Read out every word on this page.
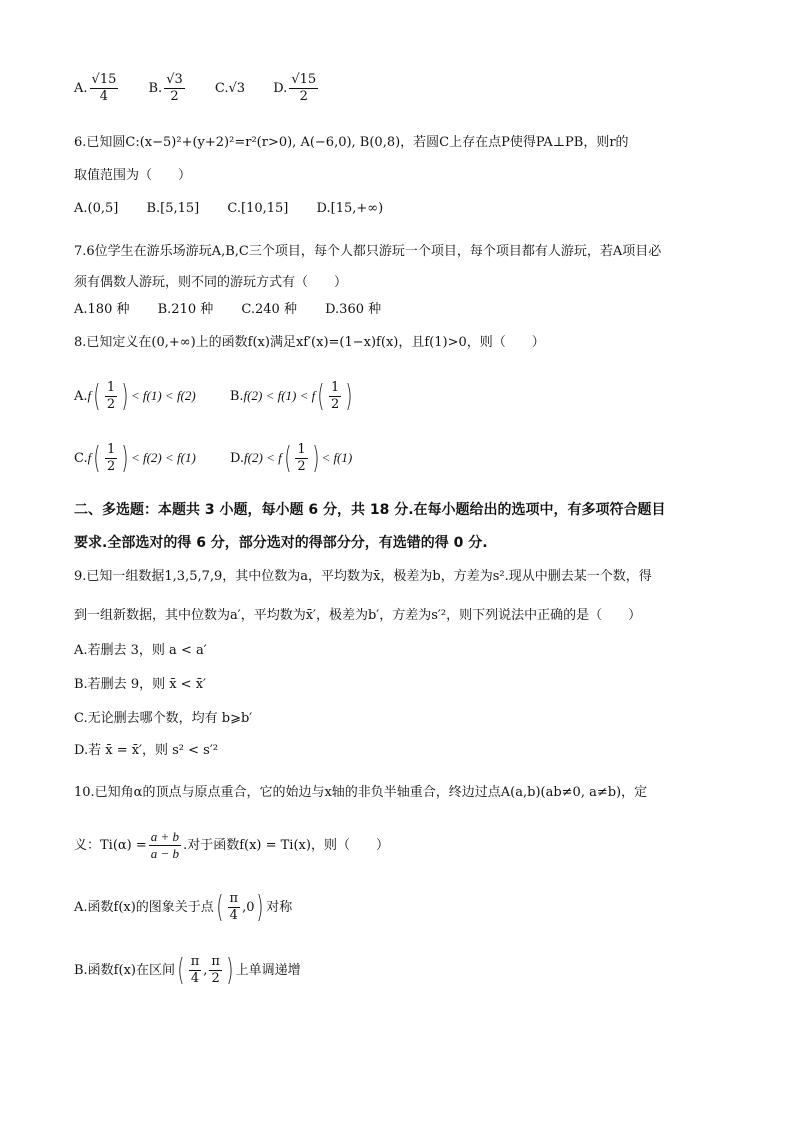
A. $\frac{√15}{4} B$. $\frac{√3}{2} C.√3$ D. $\frac{√15}{2}$
6.已知圆C:(x−5)²+(y+2)²=r²(r>0), A(−6,0), B(0,8)，若圆C上存在点P使得PA⊥PB，则r的
取值范围为（　　）
A.(0,5] B.[5,15] C.[10,15] D.[15,+∞)
7.6位学生在游乐场游玩A,B,C三个项目，每个人都只游玩一个项目，每个项目都有人游玩，若A项目必
须有偶数人游玩，则不同的游玩方式有（　　）
A.180 种 B.210 种 C.240 种 D.360 种
8.已知定义在(0,+∞)上的函数f(x)满足xf′(x)=(1−x)f(x)，且f(1)>0，则（　　）
$A.f( \frac{1}{2}$ ) < f(1) < f(2)	$B.f(2) < f(1) < f( \frac{1}{2}$ )
$C.f( \frac{1}{2}$ ) < f(2) < f(1)	$D.f(2) < f( \frac{1}{2}$ ) < f(1)
二、多选题：本题共 3 小题，每小题 6 分，共 18 分.在每小题给出的选项中，有多项符合题目
要求.全部选对的得 6 分，部分选对的得部分分，有选错的得 0 分.
9.已知一组数据1,3,5,7,9，其中位数为a，平均数为x̄，极差为b，方差为s².现从中删去某一个数，得
到一组新数据，其中位数为a′，平均数为x̄′，极差为b′，方差为s′²，则下列说法中正确的是（　　）
A.若删去 3，则 a < a′
B.若删去 9，则 x̄ < x̄′
C.无论删去哪个数，均有 b⩾b′
D.若 x̄ = x̄′，则 s² < s′²
10.已知角α的顶点与原点重合，它的始边与x轴的非负半轴重合，终边过点A(a,b)(ab≠0, a≠b)，定
义：$Ti(\alpha) = \frac{a + b}{a - b}$ .对于函数f(x) = Ti(x)，则（　　）
A.函数f(x)的图象关于点( $\frac{\pi}{4} ,0$) 对称
B.函数f(x)在区间( $\frac{\pi}{4}$ , $\frac{\pi}{2}$ ) 上单调递增
